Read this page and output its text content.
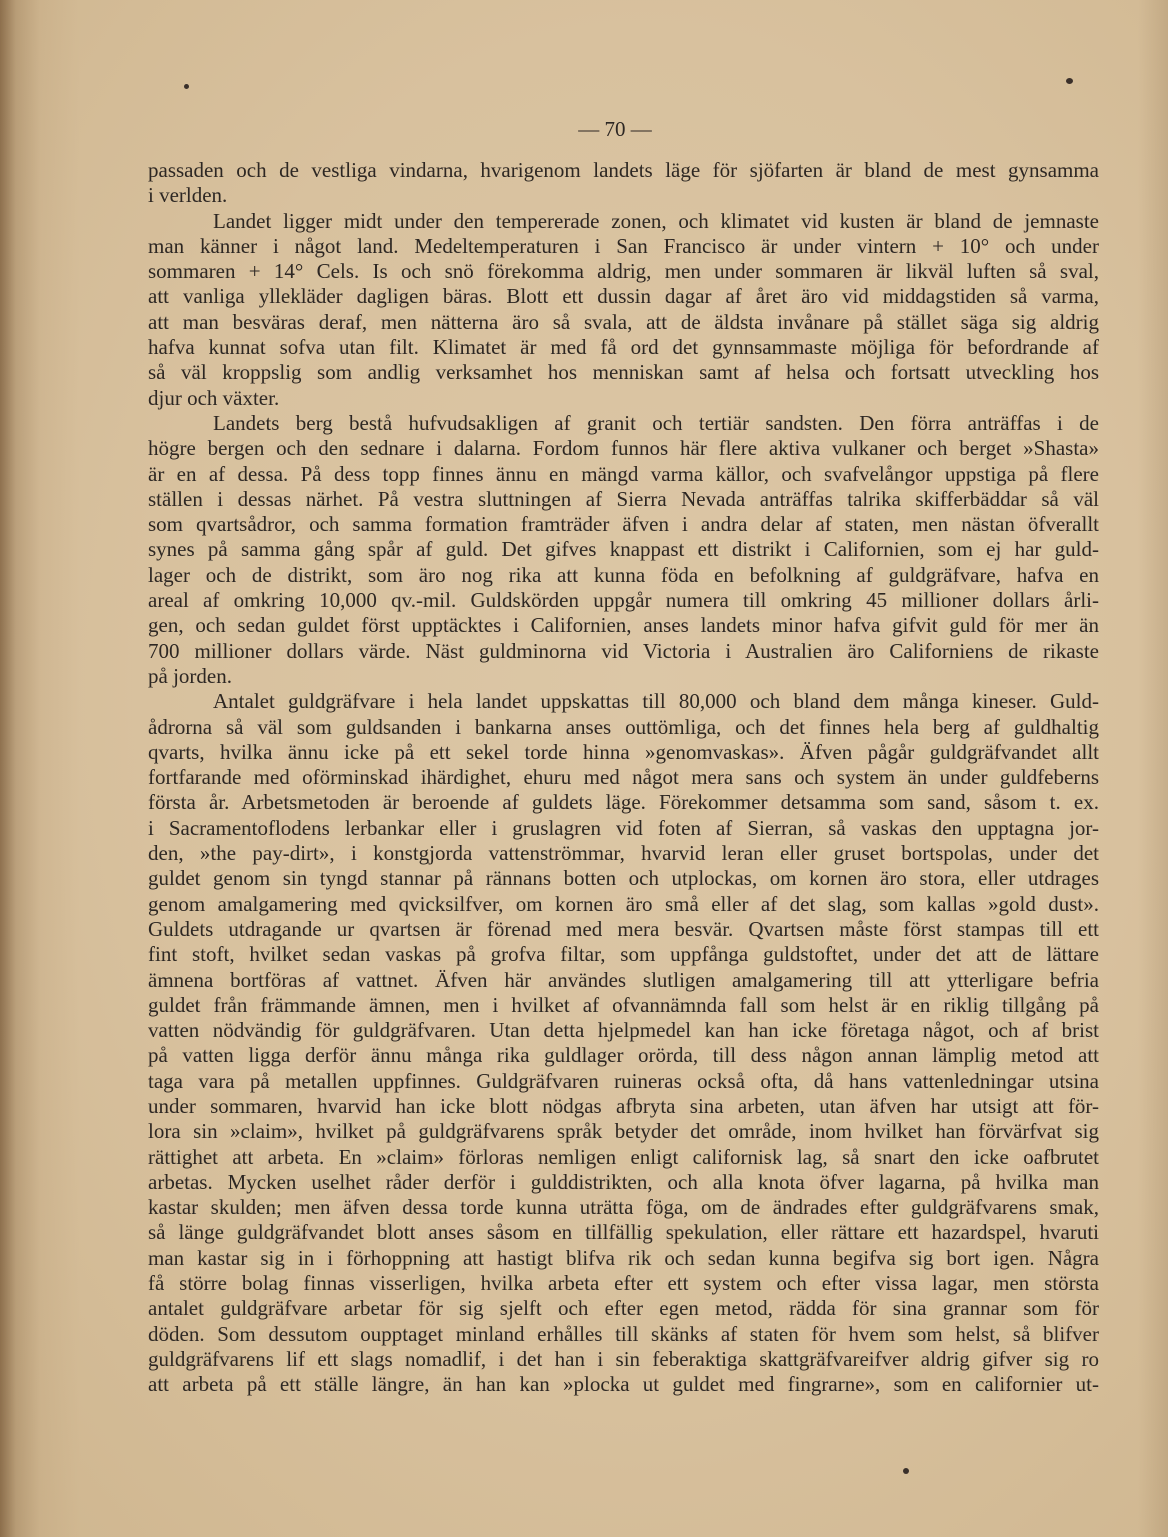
— 70 —
passaden och de vestliga vindarna, hvarigenom landets läge för sjöfarten är bland de mest gynsamma
i verlden.
Landet ligger midt under den tempererade zonen, och klimatet vid kusten är bland de jemnaste
man känner i något land. Medeltemperaturen i San Francisco är under vintern + 10° och under
sommaren + 14° Cels. Is och snö förekomma aldrig, men under sommaren är likväl luften så sval,
att vanliga yllekläder dagligen bäras. Blott ett dussin dagar af året äro vid middagstiden så varma,
att man besväras deraf, men nätterna äro så svala, att de äldsta invånare på stället säga sig aldrig
hafva kunnat sofva utan filt. Klimatet är med få ord det gynnsammaste möjliga för befordrande af
så väl kroppslig som andlig verksamhet hos menniskan samt af helsa och fortsatt utveckling hos
djur och växter.
Landets berg bestå hufvudsakligen af granit och tertiär sandsten. Den förra anträffas i de
högre bergen och den sednare i dalarna. Fordom funnos här flere aktiva vulkaner och berget »Shasta»
är en af dessa. På dess topp finnes ännu en mängd varma källor, och svafvelångor uppstiga på flere
ställen i dessas närhet. På vestra sluttningen af Sierra Nevada anträffas talrika skifferbäddar så väl
som qvartsådror, och samma formation framträder äfven i andra delar af staten, men nästan öfverallt
synes på samma gång spår af guld. Det gifves knappast ett distrikt i Californien, som ej har guld-
lager och de distrikt, som äro nog rika att kunna föda en befolkning af guldgräfvare, hafva en
areal af omkring 10,000 qv.-mil. Guldskörden uppgår numera till omkring 45 millioner dollars årli-
gen, och sedan guldet först upptäcktes i Californien, anses landets minor hafva gifvit guld för mer än
700 millioner dollars värde. Näst guldminorna vid Victoria i Australien äro Californiens de rikaste
på jorden.
Antalet guldgräfvare i hela landet uppskattas till 80,000 och bland dem många kineser. Guld-
ådrorna så väl som guldsanden i bankarna anses outtömliga, och det finnes hela berg af guldhaltig
qvarts, hvilka ännu icke på ett sekel torde hinna »genomvaskas». Äfven pågår guldgräfvandet allt
fortfarande med oförminskad ihärdighet, ehuru med något mera sans och system än under guldfeberns
första år. Arbetsmetoden är beroende af guldets läge. Förekommer detsamma som sand, såsom t. ex.
i Sacramentoflodens lerbankar eller i gruslagren vid foten af Sierran, så vaskas den upptagna jor-
den, »the pay-dirt», i konstgjorda vattenströmmar, hvarvid leran eller gruset bortspolas, under det
guldet genom sin tyngd stannar på rännans botten och utplockas, om kornen äro stora, eller utdrages
genom amalgamering med qvicksilfver, om kornen äro små eller af det slag, som kallas »gold dust».
Guldets utdragande ur qvartsen är förenad med mera besvär. Qvartsen måste först stampas till ett
fint stoft, hvilket sedan vaskas på grofva filtar, som uppfånga guldstoftet, under det att de lättare
ämnena bortföras af vattnet. Äfven här användes slutligen amalgamering till att ytterligare befria
guldet från främmande ämnen, men i hvilket af ofvannämnda fall som helst är en riklig tillgång på
vatten nödvändig för guldgräfvaren. Utan detta hjelpmedel kan han icke företaga något, och af brist
på vatten ligga derför ännu många rika guldlager orörda, till dess någon annan lämplig metod att
taga vara på metallen uppfinnes. Guldgräfvaren ruineras också ofta, då hans vattenledningar utsina
under sommaren, hvarvid han icke blott nödgas afbryta sina arbeten, utan äfven har utsigt att för-
lora sin »claim», hvilket på guldgräfvarens språk betyder det område, inom hvilket han förvärfvat sig
rättighet att arbeta. En »claim» förloras nemligen enligt californisk lag, så snart den icke oafbrutet
arbetas. Mycken uselhet råder derför i gulddistrikten, och alla knota öfver lagarna, på hvilka man
kastar skulden; men äfven dessa torde kunna uträtta föga, om de ändrades efter guldgräfvarens smak,
så länge guldgräfvandet blott anses såsom en tillfällig spekulation, eller rättare ett hazardspel, hvaruti
man kastar sig in i förhoppning att hastigt blifva rik och sedan kunna begifva sig bort igen. Några
få större bolag finnas visserligen, hvilka arbeta efter ett system och efter vissa lagar, men största
antalet guldgräfvare arbetar för sig sjelft och efter egen metod, rädda för sina grannar som för
döden. Som dessutom oupptaget minland erhålles till skänks af staten för hvem som helst, så blifver
guldgräfvarens lif ett slags nomadlif, i det han i sin feberaktiga skattgräfvareifver aldrig gifver sig ro
att arbeta på ett ställe längre, än han kan »plocka ut guldet med fingrarne», som en californier ut-
